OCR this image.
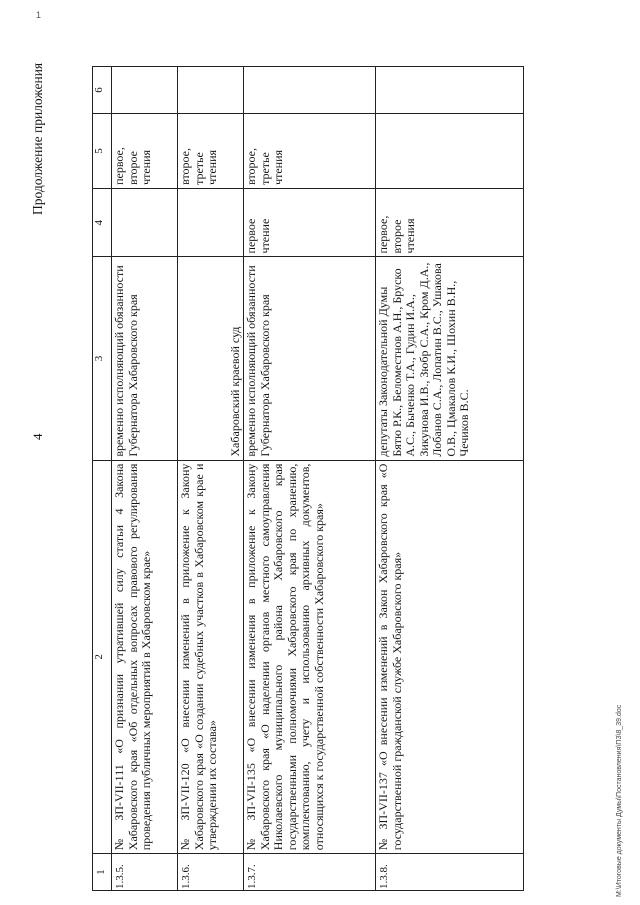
1
4
Продолжение приложения
1	2	3	4	5	6
1.3.5.	№ ЗП-VII-111 «О признании утратившей силу статьи 4 Закона Хабаровского края «Об отдельных вопросах правового регулирования проведения публичных мероприятий в Хабаровском крае»	временно исполняющий обязанности Губернатора Хабаровского края		первое, второе чтения	
1.3.6.	№ ЗП-VII-120 «О внесении изменений в приложение к Закону Хабаровского края «О создании судебных участков в Хабаровском крае и утверждении их состава»	Хабаровский краевой суд		второе, третье чтения	
1.3.7.	№ ЗП-VII-135 «О внесении изменения в приложение к Закону Хабаровского края «О наделении органов местного самоуправления Николаевского муниципального района Хабаровского края государственными полномочиями Хабаровского края по хранению, комплектованию, учету и использованию архивных документов, относящихся к государственной собственности Хабаровского края»	временно исполняющий обязанности Губернатора Хабаровского края	первое чтение	второе, третье чтения	
1.3.8.	№ ЗП-VII-137 «О внесении изменений в Закон Хабаровского края «О государственной гражданской службе Хабаровского края»	депутаты Законодательной Думы Бятю Р.К., Беломестнов А.Н., Бруско А.С., Быченко Т.А., Гудин И.А., Зикунова И.В., Зюбр С.А., Кром Д.А., Лобанов С.А., Лопатин В.С., Ушакова О.В., Цмакалов К.И., Шохин В.Н., Чечиков В.С.	первое, второе чтения		
M:\Итоговые документы Думы\Постановления\ПЗ\8_39.doc
